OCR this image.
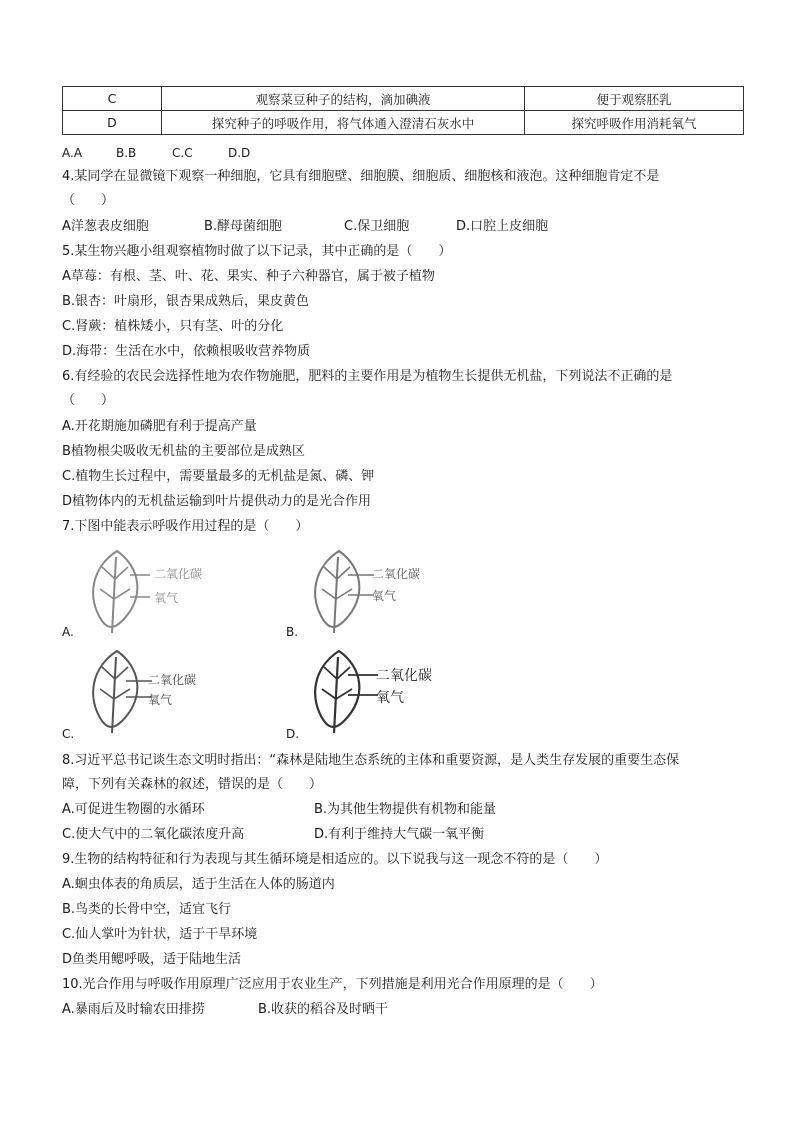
C	观察菜豆种子的结构，滴加碘液	便于观察胚乳
D	探究种子的呼吸作用，将气体通入澄清石灰水中	探究呼吸作用消耗氧气
A.A	B.B	C.C	D.D
4.某同学在显微镜下观察一种细胞，它具有细胞壁、细胞膜、细胞质、细胞核和液泡。这种细胞肯定不是
（　　）
A洋葱表皮细胞	B.酵母菌细胞	C.保卫细胞	D.口腔上皮细胞
5.某生物兴趣小组观察植物时做了以下记录，其中正确的是（　　）
A草莓：有根、茎、叶、花、果实、种子六种器官，属于被子植物
B.银杏：叶扇形，银杏果成熟后，果皮黄色
C.肾蕨：植株矮小，只有茎、叶的分化
D.海带：生活在水中，依赖根吸收营养物质
6.有经验的农民会选择性地为农作物施肥，肥料的主要作用是为植物生长提供无机盐，下列说法不正确的是
（　　）
A.开花期施加磷肥有利于提高产量
B植物根尖吸收无机盐的主要部位是成熟区
C.植物生长过程中，需要量最多的无机盐是氮、磷、钾
D植物体内的无机盐运输到叶片提供动力的是光合作用
7.下图中能表示呼吸作用过程的是（　　）
二氧化碳
氧气
A.
二氧化碳
氧气
B.
二氧化碳
氧气
C.
二氧化碳
氧气
D.
8.习近平总书记谈生态文明时指出：“森林是陆地生态系统的主体和重要资源，是人类生存发展的重要生态保
障，下列有关森林的叙述，错误的是（　　）
A.可促进生物圈的水循环	B.为其他生物提供有机物和能量
C.使大气中的二氧化碳浓度升高	D.有利于维持大气碳一氧平衡
9.生物的结构特征和行为表现与其生循环境是相适应的。以下说我与这一现念不符的是（　　）
A.蛔虫体表的角质层，适于生活在人体的肠道内
B.鸟类的长骨中空，适宜飞行
C.仙人掌叶为针状，适于干旱环境
D鱼类用鳃呼吸，适于陆地生活
10.光合作用与呼吸作用原理广泛应用于农业生产，下列措施是利用光合作用原理的是（　　）
A.暴雨后及时输农田排捞	B.收获的稻谷及时晒干
